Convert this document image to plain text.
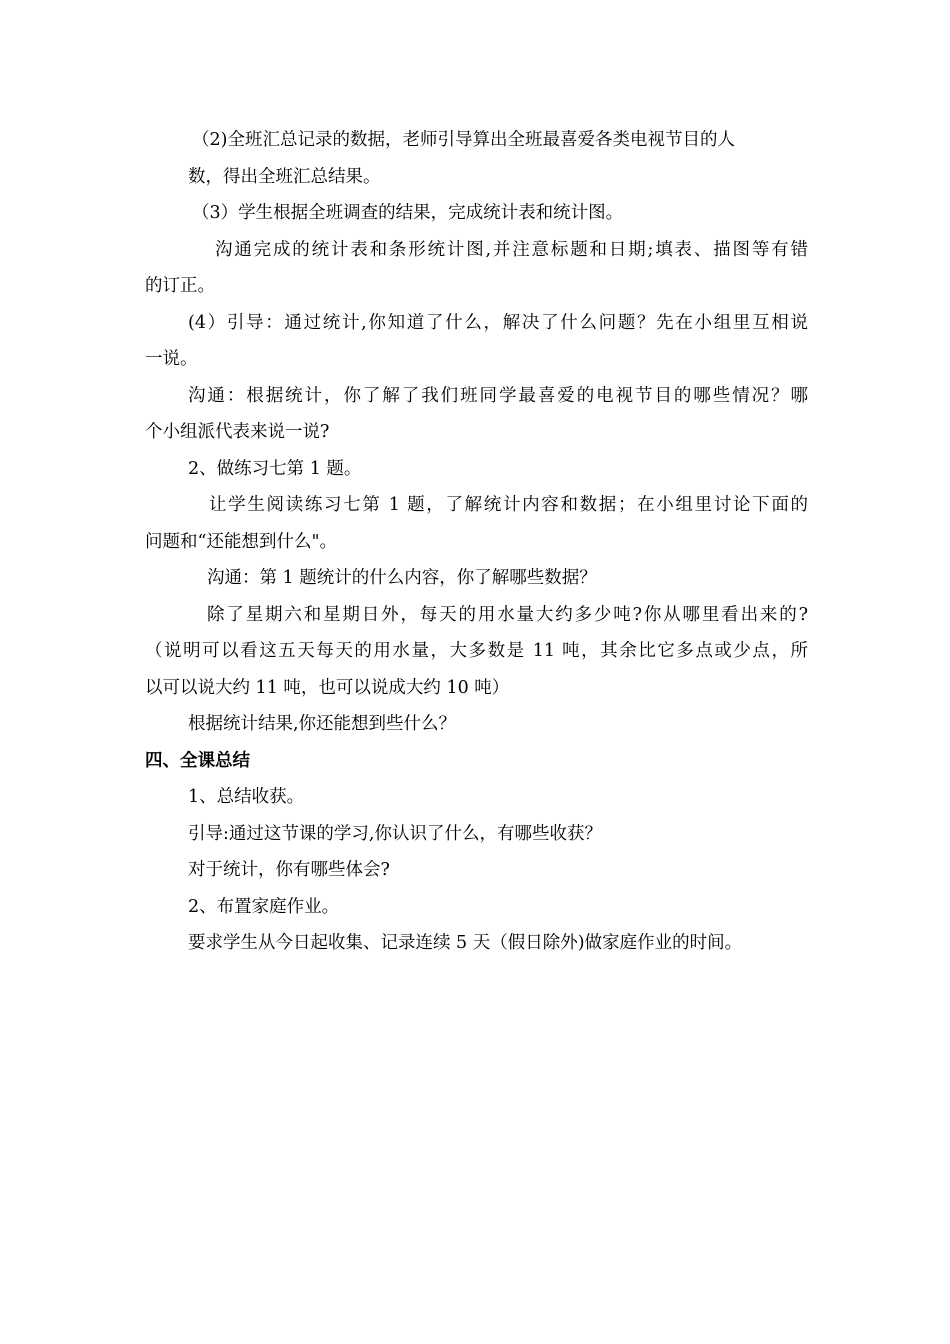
（2)全班汇总记录的数据，老师引导算出全班最喜爱各类电视节目的人
数，得出全班汇总结果。
（3）学生根据全班调查的结果，完成统计表和统计图。
沟通完成的统计表和条形统计图,并注意标题和日期;填表、描图等有错
的订正。
(4）引导：通过统计,你知道了什么，解决了什么问题？先在小组里互相说
一说。
沟通：根据统计，你了解了我们班同学最喜爱的电视节目的哪些情况？哪
个小组派代表来说一说?
2、做练习七第 1 题。
让学生阅读练习七第 1 题，了解统计内容和数据；在小组里讨论下面的
问题和“还能想到什么"。
沟通：第 1 题统计的什么内容，你了解哪些数据？
除了星期六和星期日外，每天的用水量大约多少吨?你从哪里看出来的?
（说明可以看这五天每天的用水量，大多数是 11 吨，其余比它多点或少点，所
以可以说大约 11 吨，也可以说成大约 10 吨）
根据统计结果,你还能想到些什么？
四、全课总结
1、总结收获。
引导:通过这节课的学习,你认识了什么，有哪些收获？
对于统计，你有哪些体会?
2、布置家庭作业。
要求学生从今日起收集、记录连续 5 天（假日除外)做家庭作业的时间。
